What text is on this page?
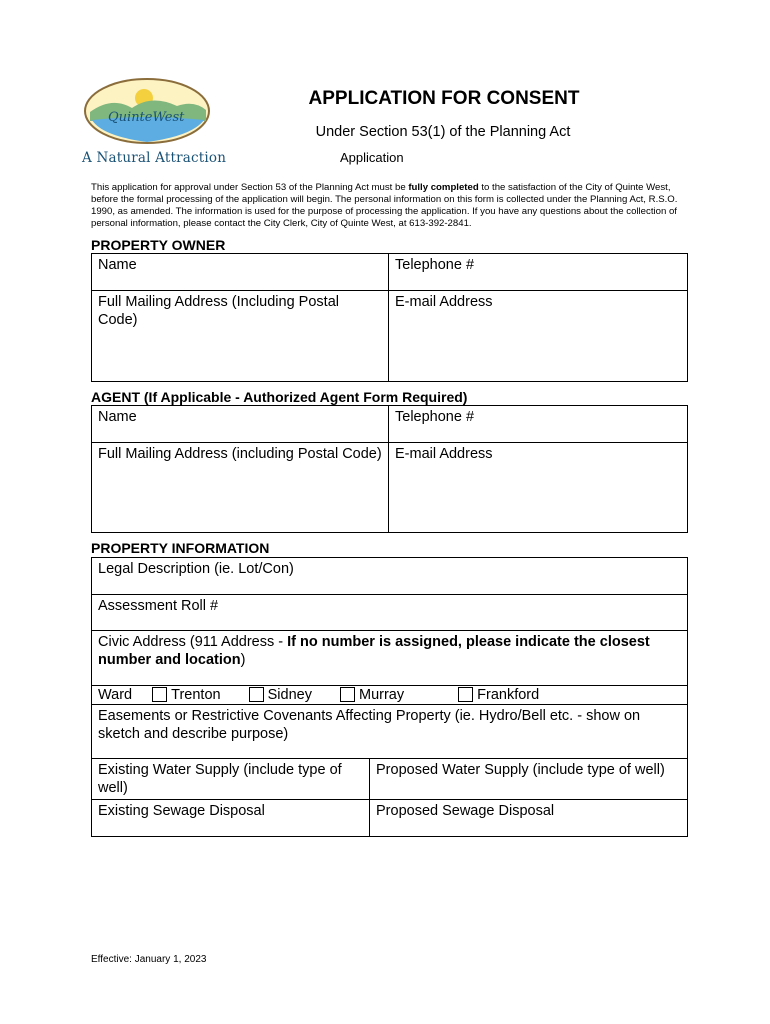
QuinteWest
A Natural Attraction
APPLICATION FOR CONSENT
Under Section 53(1) of the Planning Act
Application
This application for approval under Section 53 of the Planning Act must be fully completed to the satisfaction of the City of Quinte West, before the formal processing of the application will begin. The personal information on this form is collected under the Planning Act, R.S.O. 1990, as amended. The information is used for the purpose of processing the application. If you have any questions about the collection of personal information, please contact the City Clerk, City of Quinte West, at 613-392-2841.
PROPERTY OWNER
Name	Telephone #
Full Mailing Address (Including Postal Code)	E-mail Address
AGENT (If Applicable - Authorized Agent Form Required)
Name	Telephone #
Full Mailing Address (including Postal Code)	E-mail Address
PROPERTY INFORMATION
Legal Description (ie. Lot/Con)	
Assessment Roll #	
Civic Address (911 Address - If no number is assigned, please indicate the closest number and location)	
Ward Trenton Sidney Murray Frankford	
Easements or Restrictive Covenants Affecting Property (ie. Hydro/Bell etc. - show on sketch and describe purpose)	
Existing Water Supply (include type of well)	Proposed Water Supply (include type of well)
Existing Sewage Disposal	Proposed Sewage Disposal
Effective: January 1, 2023
